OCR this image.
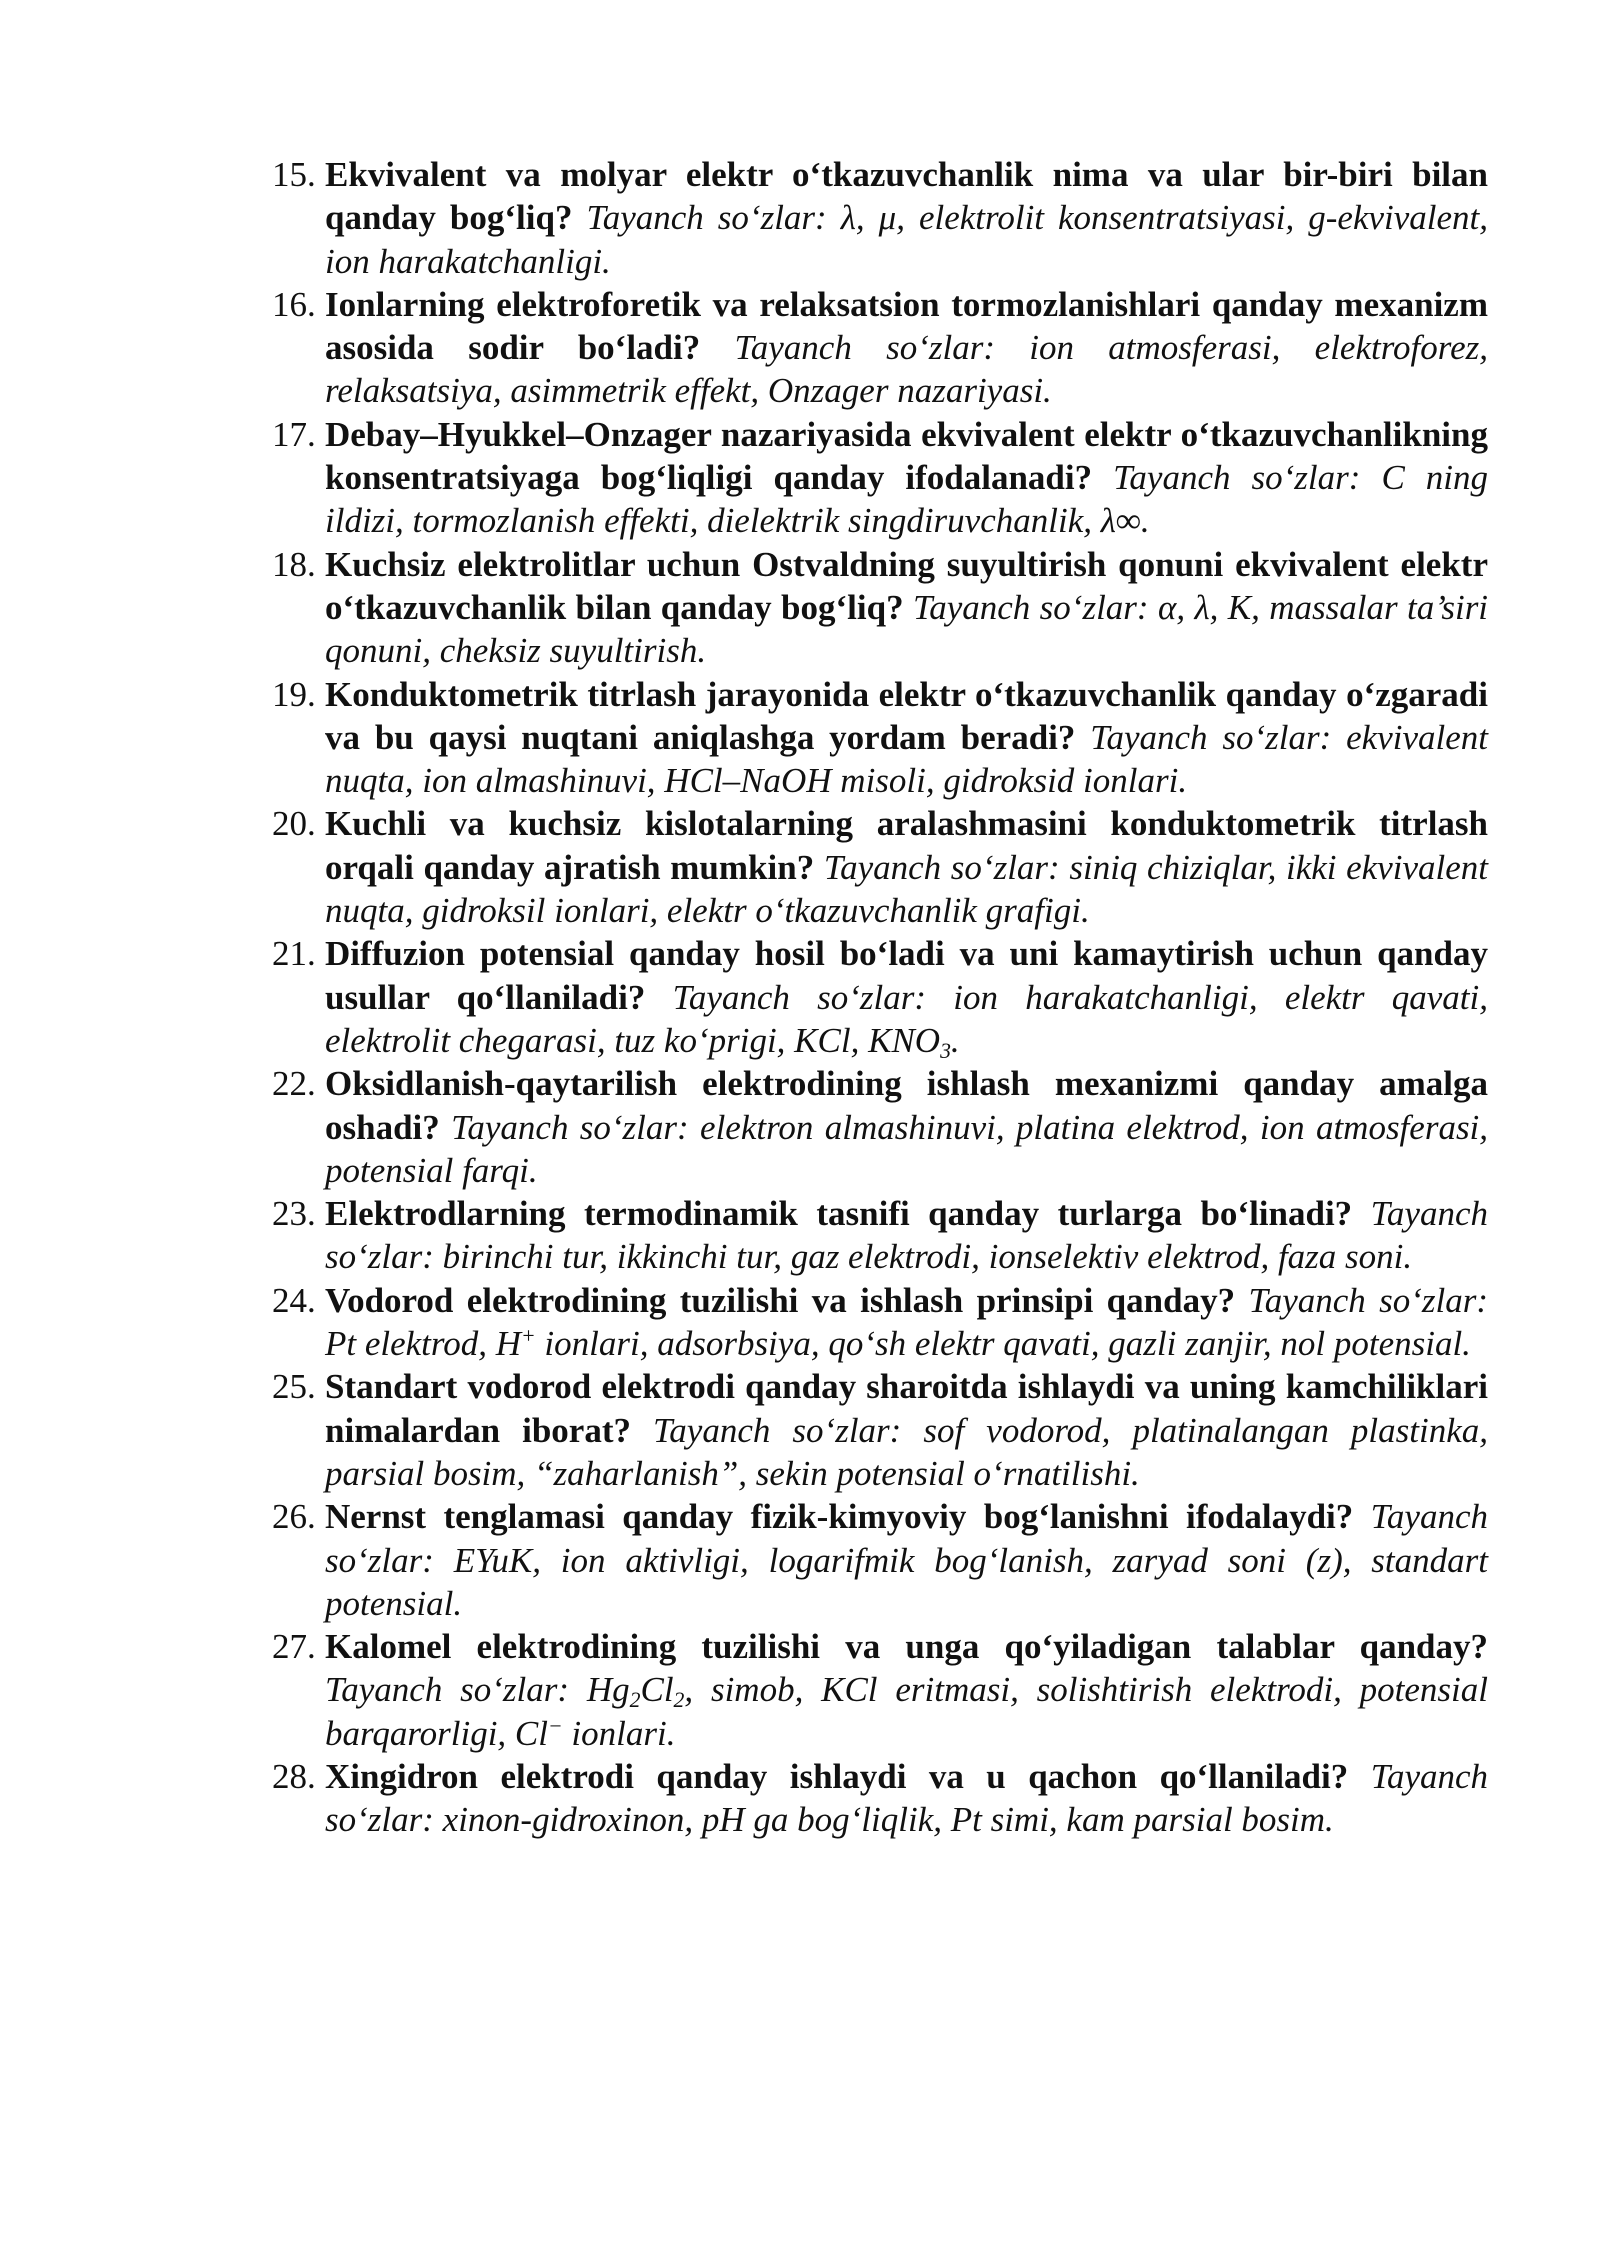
15. Ekvivalent va molyar elektr o‘tkazuvchanlik nima va ular bir-biri bilan qanday bog‘liq? Tayanch so‘zlar: λ, μ, elektrolit konsentratsiyasi, g-ekvivalent, ion harakatchanligi.
16. Ionlarning elektroforetik va relaksatsion tormozlanishlari qanday mexanizm asosida sodir bo‘ladi? Tayanch so‘zlar: ion atmosferasi, elektroforez, relaksatsiya, asimmetrik effekt, Onzager nazariyasi.
17. Debay–Hyukkel–Onzager nazariyasida ekvivalent elektr o‘tkazuvchanlikning konsentratsiyaga bog‘liqligi qanday ifodalanadi? Tayanch so‘zlar: C ning ildizi, tormozlanish effekti, dielektrik singdiruvchanlik, λ∞.
18. Kuchsiz elektrolitlar uchun Ostvaldning suyultirish qonuni ekvivalent elektr o‘tkazuvchanlik bilan qanday bog‘liq? Tayanch so‘zlar: α, λ, K, massalar ta’siri qonuni, cheksiz suyultirish.
19. Konduktometrik titrlash jarayonida elektr o‘tkazuvchanlik qanday o‘zgaradi va bu qaysi nuqtani aniqlashga yordam beradi? Tayanch so‘zlar: ekvivalent nuqta, ion almashinuvi, HCl–NaOH misoli, gidroksid ionlari.
20. Kuchli va kuchsiz kislotalarning aralashmasini konduktometrik titrlash orqali qanday ajratish mumkin? Tayanch so‘zlar: siniq chiziqlar, ikki ekvivalent nuqta, gidroksil ionlari, elektr o‘tkazuvchanlik grafigi.
21. Diffuzion potensial qanday hosil bo‘ladi va uni kamaytirish uchun qanday usullar qo‘llaniladi? Tayanch so‘zlar: ion harakatchanligi, elektr qavati, elektrolit chegarasi, tuz ko‘prigi, KCl, $KNO_3$.
22. Oksidlanish-qaytarilish elektrodining ishlash mexanizmi qanday amalga oshadi? Tayanch so‘zlar: elektron almashinuvi, platina elektrod, ion atmosferasi, potensial farqi.
23. Elektrodlarning termodinamik tasnifi qanday turlarga bo‘linadi? Tayanch so‘zlar: birinchi tur, ikkinchi tur, gaz elektrodi, ionselektiv elektrod, faza soni.
24. Vodorod elektrodining tuzilishi va ishlash prinsipi qanday? Tayanch so‘zlar: Pt elektrod, H+ ionlari, adsorbsiya, qo‘sh elektr qavati, gazli zanjir, nol potensial.
25. Standart vodorod elektrodi qanday sharoitda ishlaydi va uning kamchiliklari nimalardan iborat? Tayanch so‘zlar: sof vodorod, platinalangan plastinka, parsial bosim, “zaharlanish”, sekin potensial o‘rnatilishi.
26. Nernst tenglamasi qanday fizik-kimyoviy bog‘lanishni ifodalaydi? Tayanch so‘zlar: EYuK, ion aktivligi, logarifmik bog‘lanish, zaryad soni (z), standart potensial.
27. Kalomel elektrodining tuzilishi va unga qo‘yiladigan talablar qanday? Tayanch so‘zlar: $Hg_2Cl_2$, simob, KCl eritmasi, solishtirish elektrodi, potensial barqarorligi, Cl− ionlari.
28. Xingidron elektrodi qanday ishlaydi va u qachon qo‘llaniladi? Tayanch so‘zlar: xinon-gidroxinon, pH ga bog‘liqlik, Pt simi, kam parsial bosim.
